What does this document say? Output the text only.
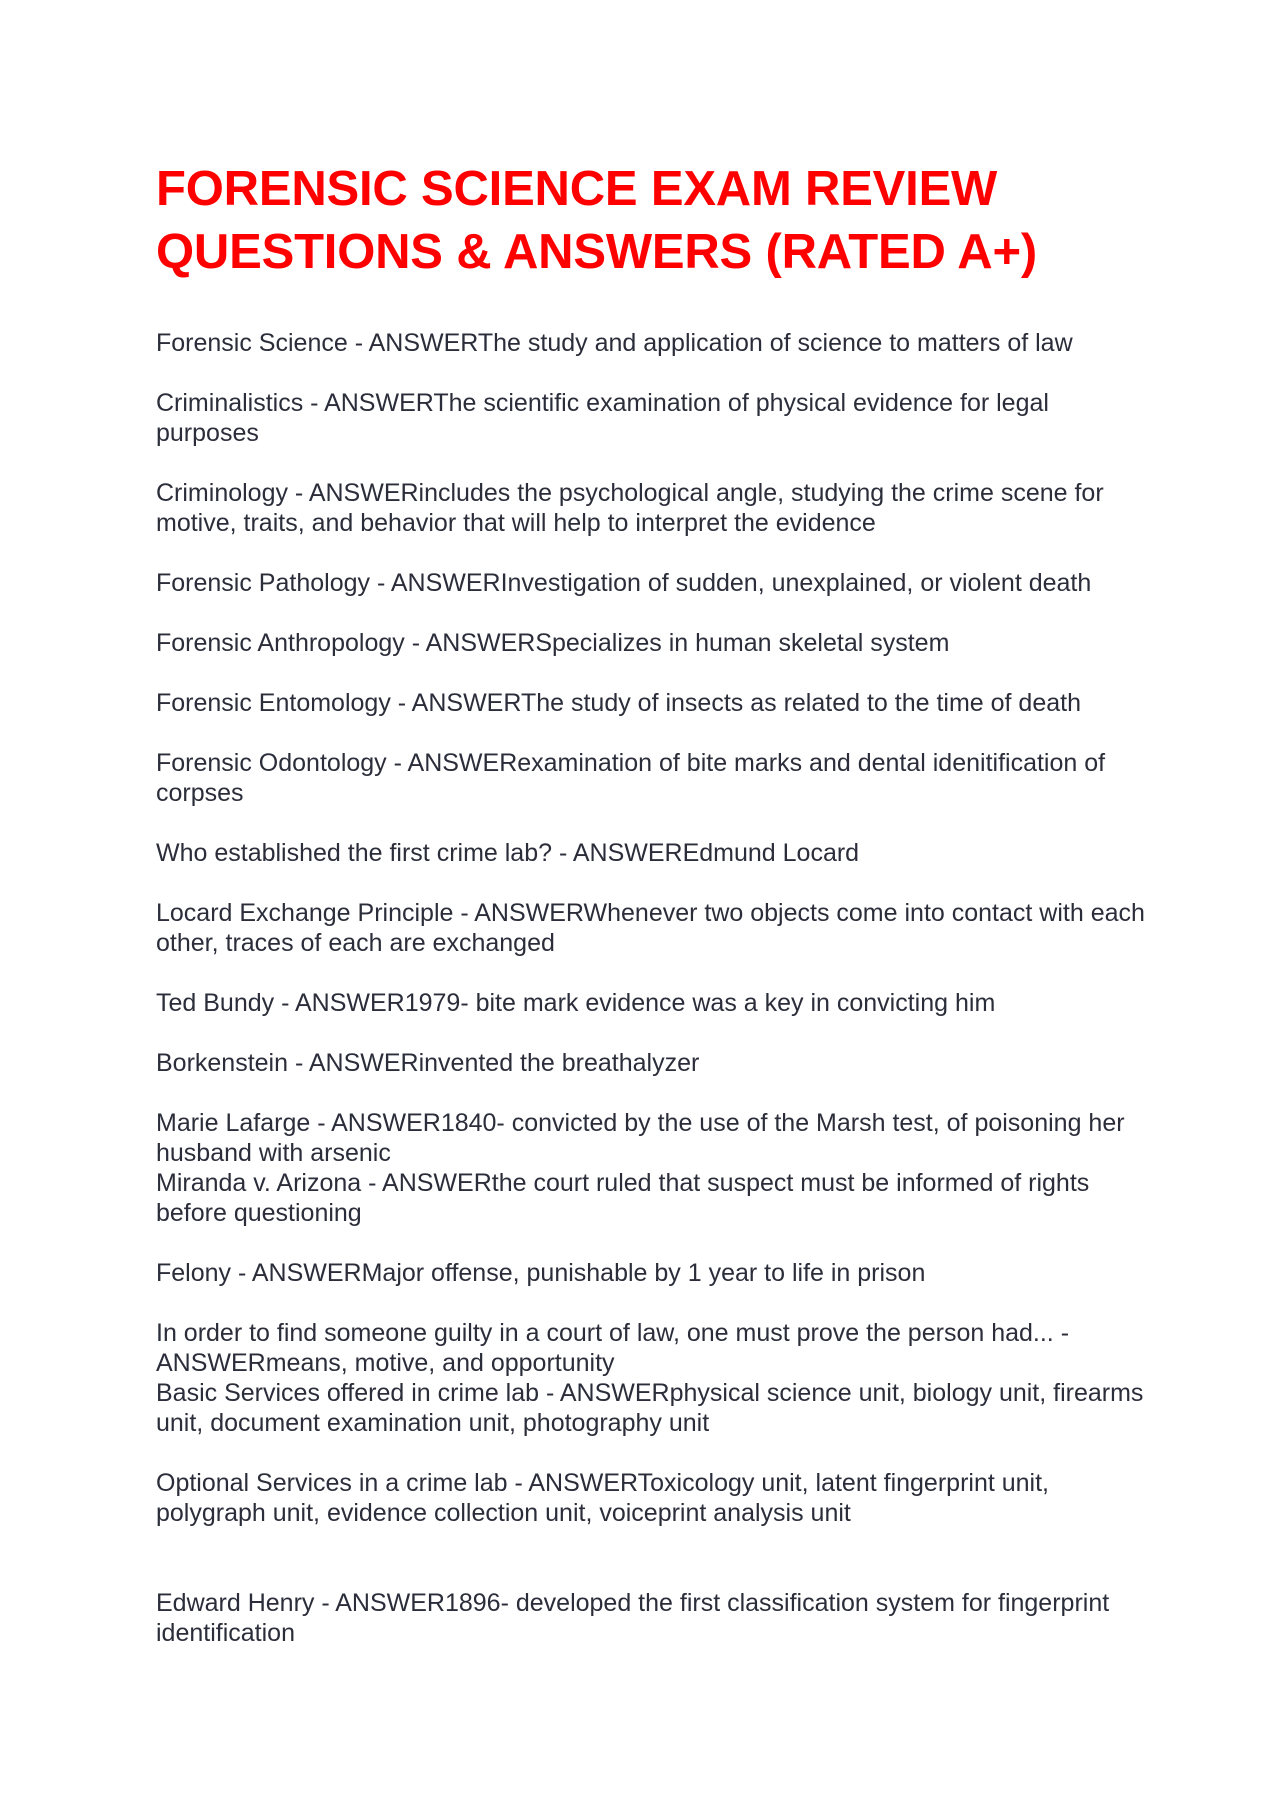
FORENSIC SCIENCE EXAM REVIEW
QUESTIONS & ANSWERS (RATED A+)

Forensic Science - ANSWERThe study and application of science to matters of law

Criminalistics - ANSWERThe scientific examination of physical evidence for legal purposes

Criminology - ANSWERincludes the psychological angle, studying the crime scene for motive, traits, and behavior that will help to interpret the evidence

Forensic Pathology - ANSWERInvestigation of sudden, unexplained, or violent death

Forensic Anthropology - ANSWERSpecializes in human skeletal system

Forensic Entomology - ANSWERThe study of insects as related to the time of death

Forensic Odontology - ANSWERexamination of bite marks and dental idenitification of corpses

Who established the first crime lab? - ANSWEREdmund Locard

Locard Exchange Principle - ANSWERWhenever two objects come into contact with each other, traces of each are exchanged

Ted Bundy - ANSWER1979- bite mark evidence was a key in convicting him

Borkenstein - ANSWERinvented the breathalyzer

Marie Lafarge - ANSWER1840- convicted by the use of the Marsh test, of poisoning her husband with arsenic

Miranda v. Arizona - ANSWERthe court ruled that suspect must be informed of rights before questioning

Felony - ANSWERMajor offense, punishable by 1 year to life in prison

In order to find someone guilty in a court of law, one must prove the person had... - ANSWERmeans, motive, and opportunity

Basic Services offered in crime lab - ANSWERphysical science unit, biology unit, firearms unit, document examination unit, photography unit

Optional Services in a crime lab - ANSWERToxicology unit, latent fingerprint unit, polygraph unit, evidence collection unit, voiceprint analysis unit

Edward Henry - ANSWER1896- developed the first classification system for fingerprint identification
